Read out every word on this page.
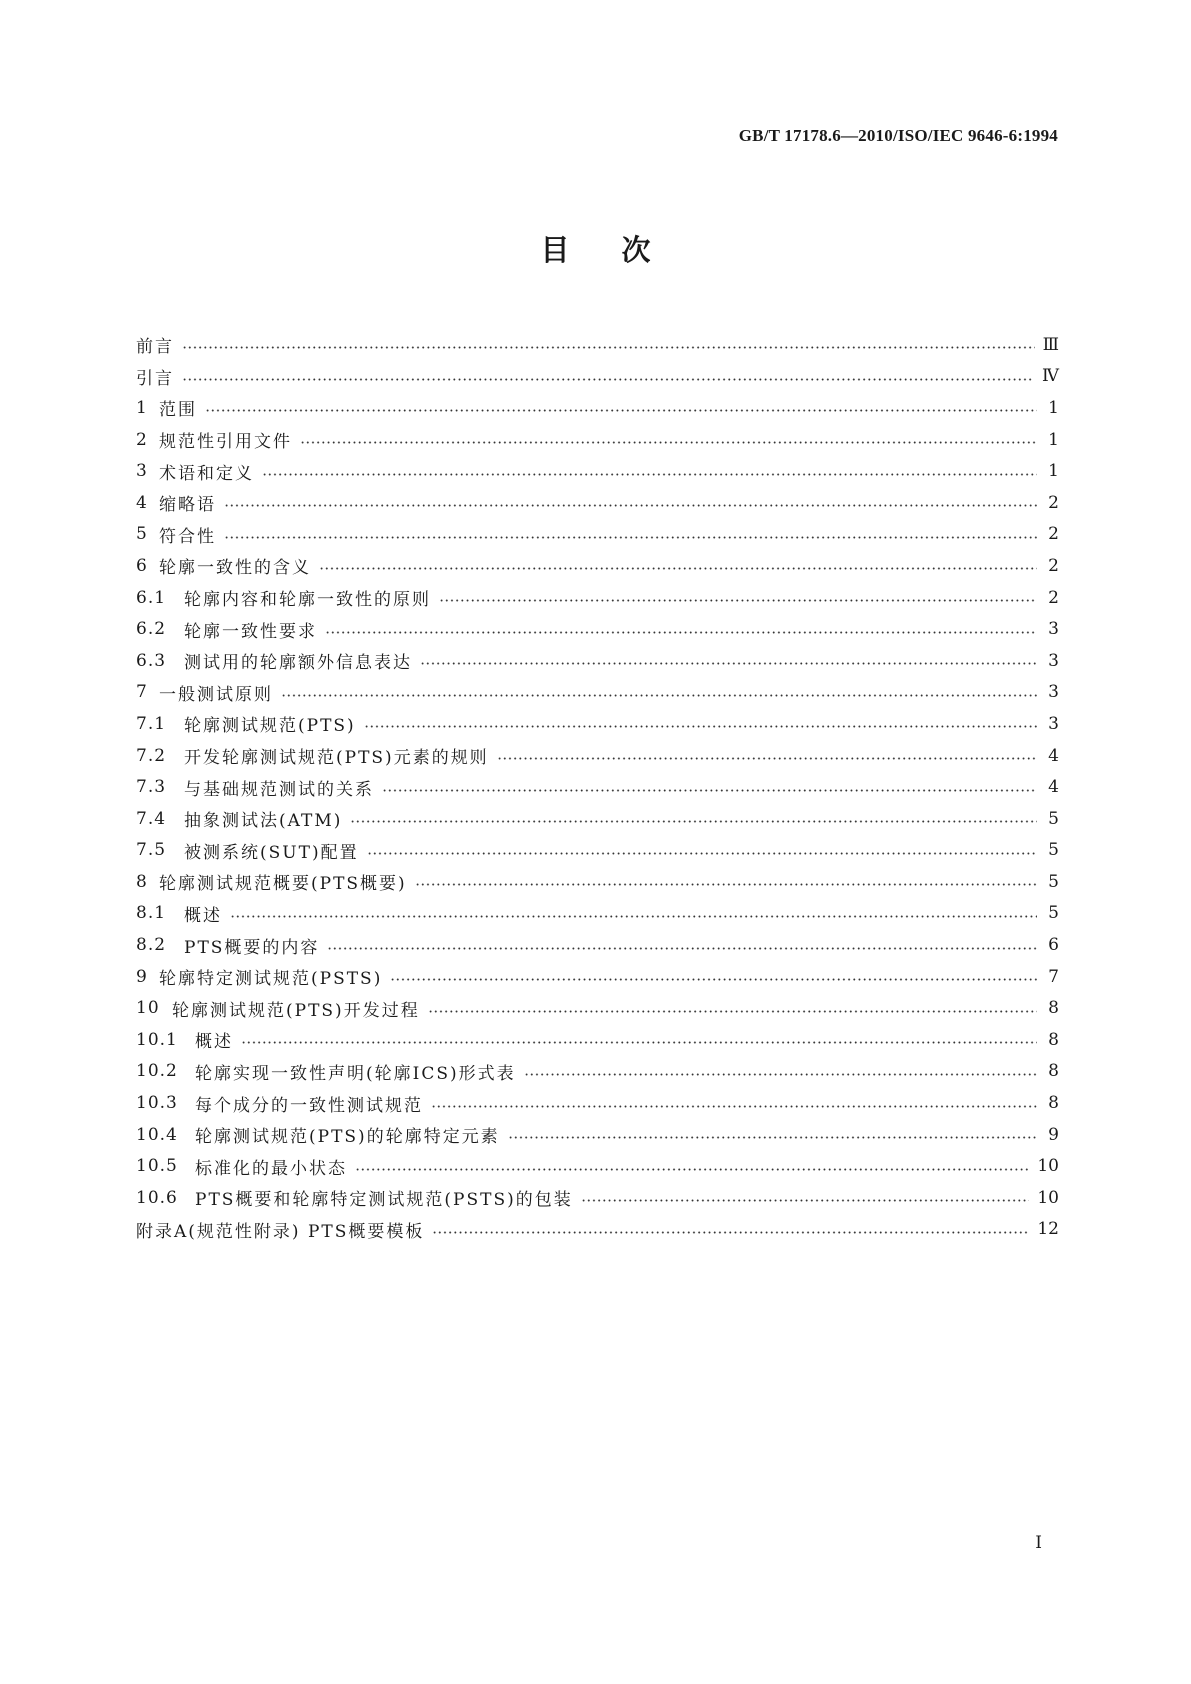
GB/T 17178.6—2010/ISO/IEC 9646-6:1994
目次
前言	Ⅲ
引言	Ⅳ
1 范围	1
2 规范性引用文件	1
3 术语和定义	1
4 缩略语	2
5 符合性	2
6 轮廓一致性的含义	2
6.1	轮廓内容和轮廓一致性的原则	2
6.2	轮廓一致性要求	3
6.3	测试用的轮廓额外信息表达	3
7 一般测试原则	3
7.1	轮廓测试规范(PTS)	3
7.2	开发轮廓测试规范(PTS)元素的规则	4
7.3	与基础规范测试的关系	4
7.4	抽象测试法(ATM)	5
7.5	被测系统(SUT)配置	5
8 轮廓测试规范概要(PTS概要)	5
8.1	概述	5
8.2	PTS概要的内容	6
9 轮廓特定测试规范(PSTS)	7
10 轮廓测试规范(PTS)开发过程	8
10.1	概述	8
10.2	轮廓实现一致性声明(轮廓ICS)形式表	8
10.3	每个成分的一致性测试规范	8
10.4	轮廓测试规范(PTS)的轮廓特定元素	9
10.5	标准化的最小状态	10
10.6	PTS概要和轮廓特定测试规范(PSTS)的包装	10
附录A(规范性附录) PTS概要模板	12
I
